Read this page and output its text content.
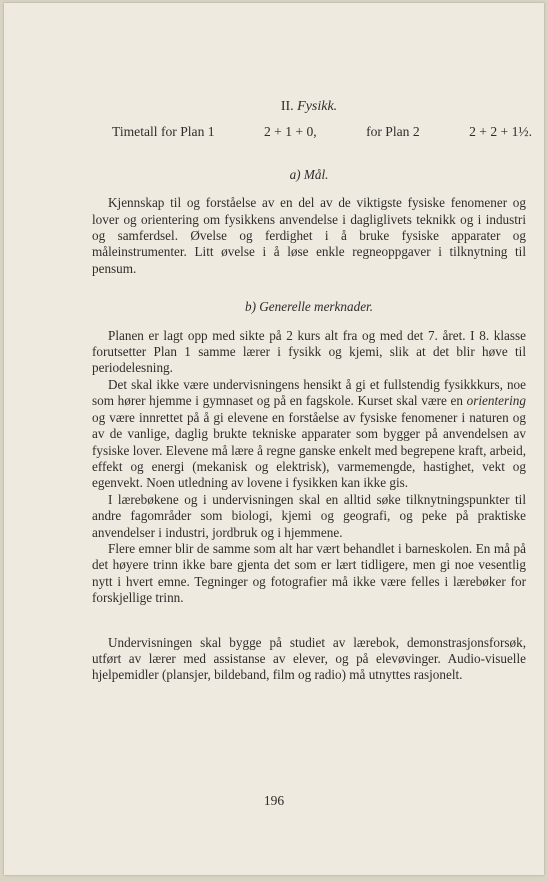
II. Fysikk.
Timetall for Plan 1	2 + 1 + 0,	for Plan 2	2 + 2 + 1½.
a) Mål.

Kjennskap til og forståelse av en del av de viktigste fysiske fenomener og lover og orientering om fysikkens anvendelse i dagliglivets teknikk og i industri og samferdsel. Øvelse og ferdighet i å bruke fysiske apparater og måleinstrumenter. Litt øvelse i å løse enkle regneoppgaver i tilknytning til pensum.

b) Generelle merknader.

Planen er lagt opp med sikte på 2 kurs alt fra og med det 7. året. I 8. klasse forutsetter Plan 1 samme lærer i fysikk og kjemi, slik at det blir høve til periodelesning.

Det skal ikke være undervisningens hensikt å gi et fullstendig fysikkkurs, noe som hører hjemme i gymnaset og på en fagskole. Kurset skal være en orientering og være innrettet på å gi elevene en forståelse av fysiske fenomener i naturen og av de vanlige, daglig brukte tekniske apparater som bygger på anvendelsen av fysiske lover. Elevene må lære å regne ganske enkelt med begrepene kraft, arbeid, effekt og energi (mekanisk og elektrisk), varmemengde, hastighet, vekt og egenvekt. Noen utledning av lovene i fysikken kan ikke gis.

I lærebøkene og i undervisningen skal en alltid søke tilknytningspunkter til andre fagområder som biologi, kjemi og geografi, og peke på praktiske anvendelser i industri, jordbruk og i hjemmene.

Flere emner blir de samme som alt har vært behandlet i barneskolen. En må på det høyere trinn ikke bare gjenta det som er lært tidligere, men gi noe vesentlig nytt i hvert emne. Tegninger og fotografier må ikke være felles i lærebøker for forskjellige trinn.

Undervisningen skal bygge på studiet av lærebok, demonstrasjonsforsøk, utført av lærer med assistanse av elever, og på elevøvinger. Audio-visuelle hjelpemidler (plansjer, bildeband, film og radio) må utnyttes rasjonelt.

196
